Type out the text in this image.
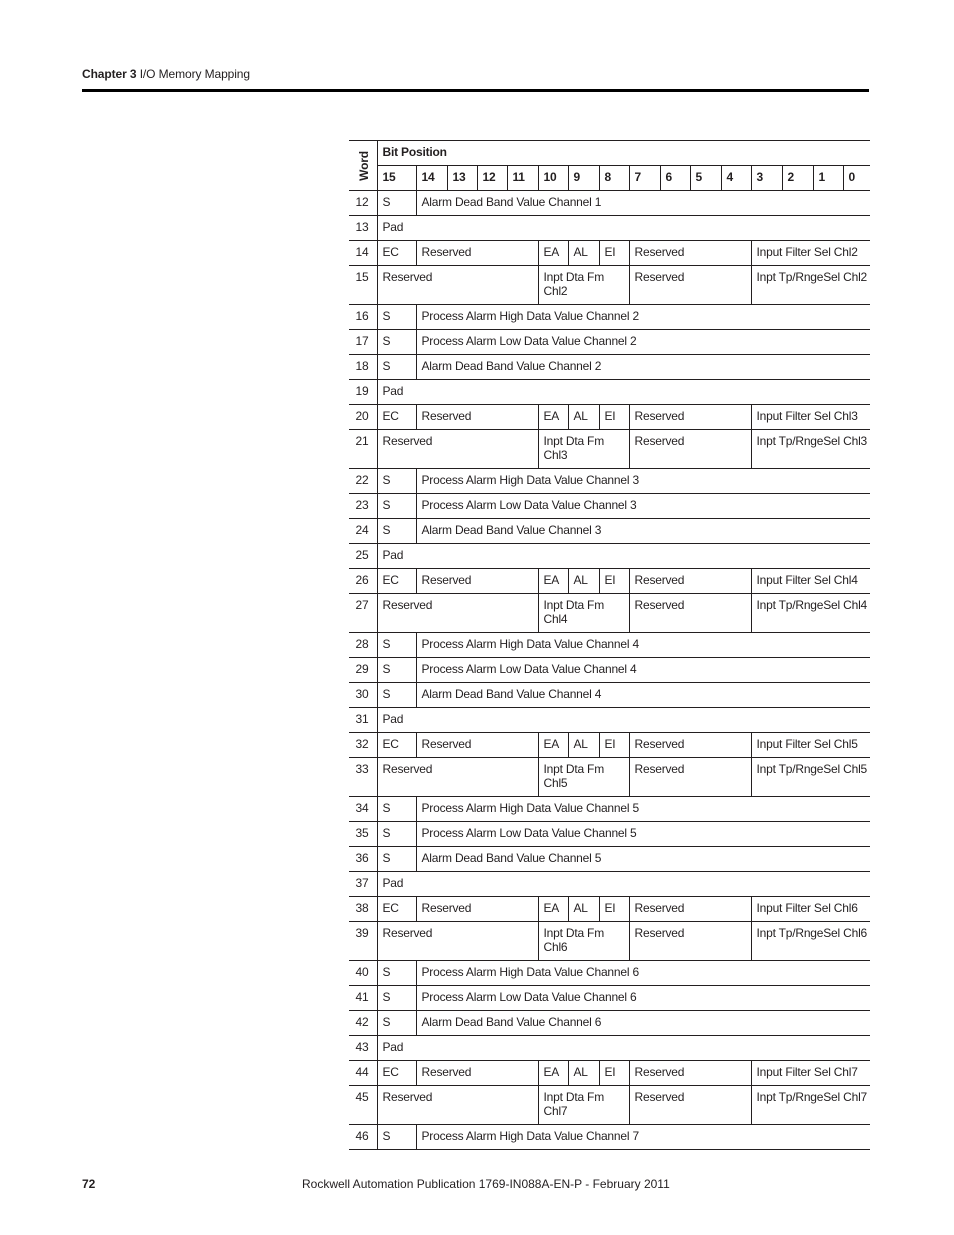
Chapter 3 I/O Memory Mapping
Word	Bit Position															
	15	14	13	12	11	10	9	8	7	6	5	4	3	2	1	0
12	S	Alarm Dead Band Value Channel 1														
13	Pad															
14	EC	Reserved				EA	AL	EI	Reserved				Input Filter Sel Chl2			
15	Reserved					Inpt Dta Fm Chl2			Reserved				Inpt Tp/RngeSel Chl2			
16	S	Process Alarm High Data Value Channel 2														
17	S	Process Alarm Low Data Value Channel 2														
18	S	Alarm Dead Band Value Channel 2														
19	Pad															
20	EC	Reserved				EA	AL	EI	Reserved				Input Filter Sel Chl3			
21	Reserved					Inpt Dta Fm Chl3			Reserved				Inpt Tp/RngeSel Chl3			
22	S	Process Alarm High Data Value Channel 3														
23	S	Process Alarm Low Data Value Channel 3														
24	S	Alarm Dead Band Value Channel 3														
25	Pad															
26	EC	Reserved				EA	AL	EI	Reserved				Input Filter Sel Chl4			
27	Reserved					Inpt Dta Fm Chl4			Reserved				Inpt Tp/RngeSel Chl4			
28	S	Process Alarm High Data Value Channel 4														
29	S	Process Alarm Low Data Value Channel 4														
30	S	Alarm Dead Band Value Channel 4														
31	Pad															
32	EC	Reserved				EA	AL	EI	Reserved				Input Filter Sel Chl5			
33	Reserved					Inpt Dta Fm Chl5			Reserved				Inpt Tp/RngeSel Chl5			
34	S	Process Alarm High Data Value Channel 5														
35	S	Process Alarm Low Data Value Channel 5														
36	S	Alarm Dead Band Value Channel 5														
37	Pad															
38	EC	Reserved				EA	AL	EI	Reserved				Input Filter Sel Chl6			
39	Reserved					Inpt Dta Fm Chl6			Reserved				Inpt Tp/RngeSel Chl6			
40	S	Process Alarm High Data Value Channel 6														
41	S	Process Alarm Low Data Value Channel 6														
42	S	Alarm Dead Band Value Channel 6														
43	Pad															
44	EC	Reserved				EA	AL	EI	Reserved				Input Filter Sel Chl7			
45	Reserved					Inpt Dta Fm Chl7			Reserved				Inpt Tp/RngeSel Chl7			
46	S	Process Alarm High Data Value Channel 7														
72	Rockwell Automation Publication 1769-IN088A-EN-P - February 2011
